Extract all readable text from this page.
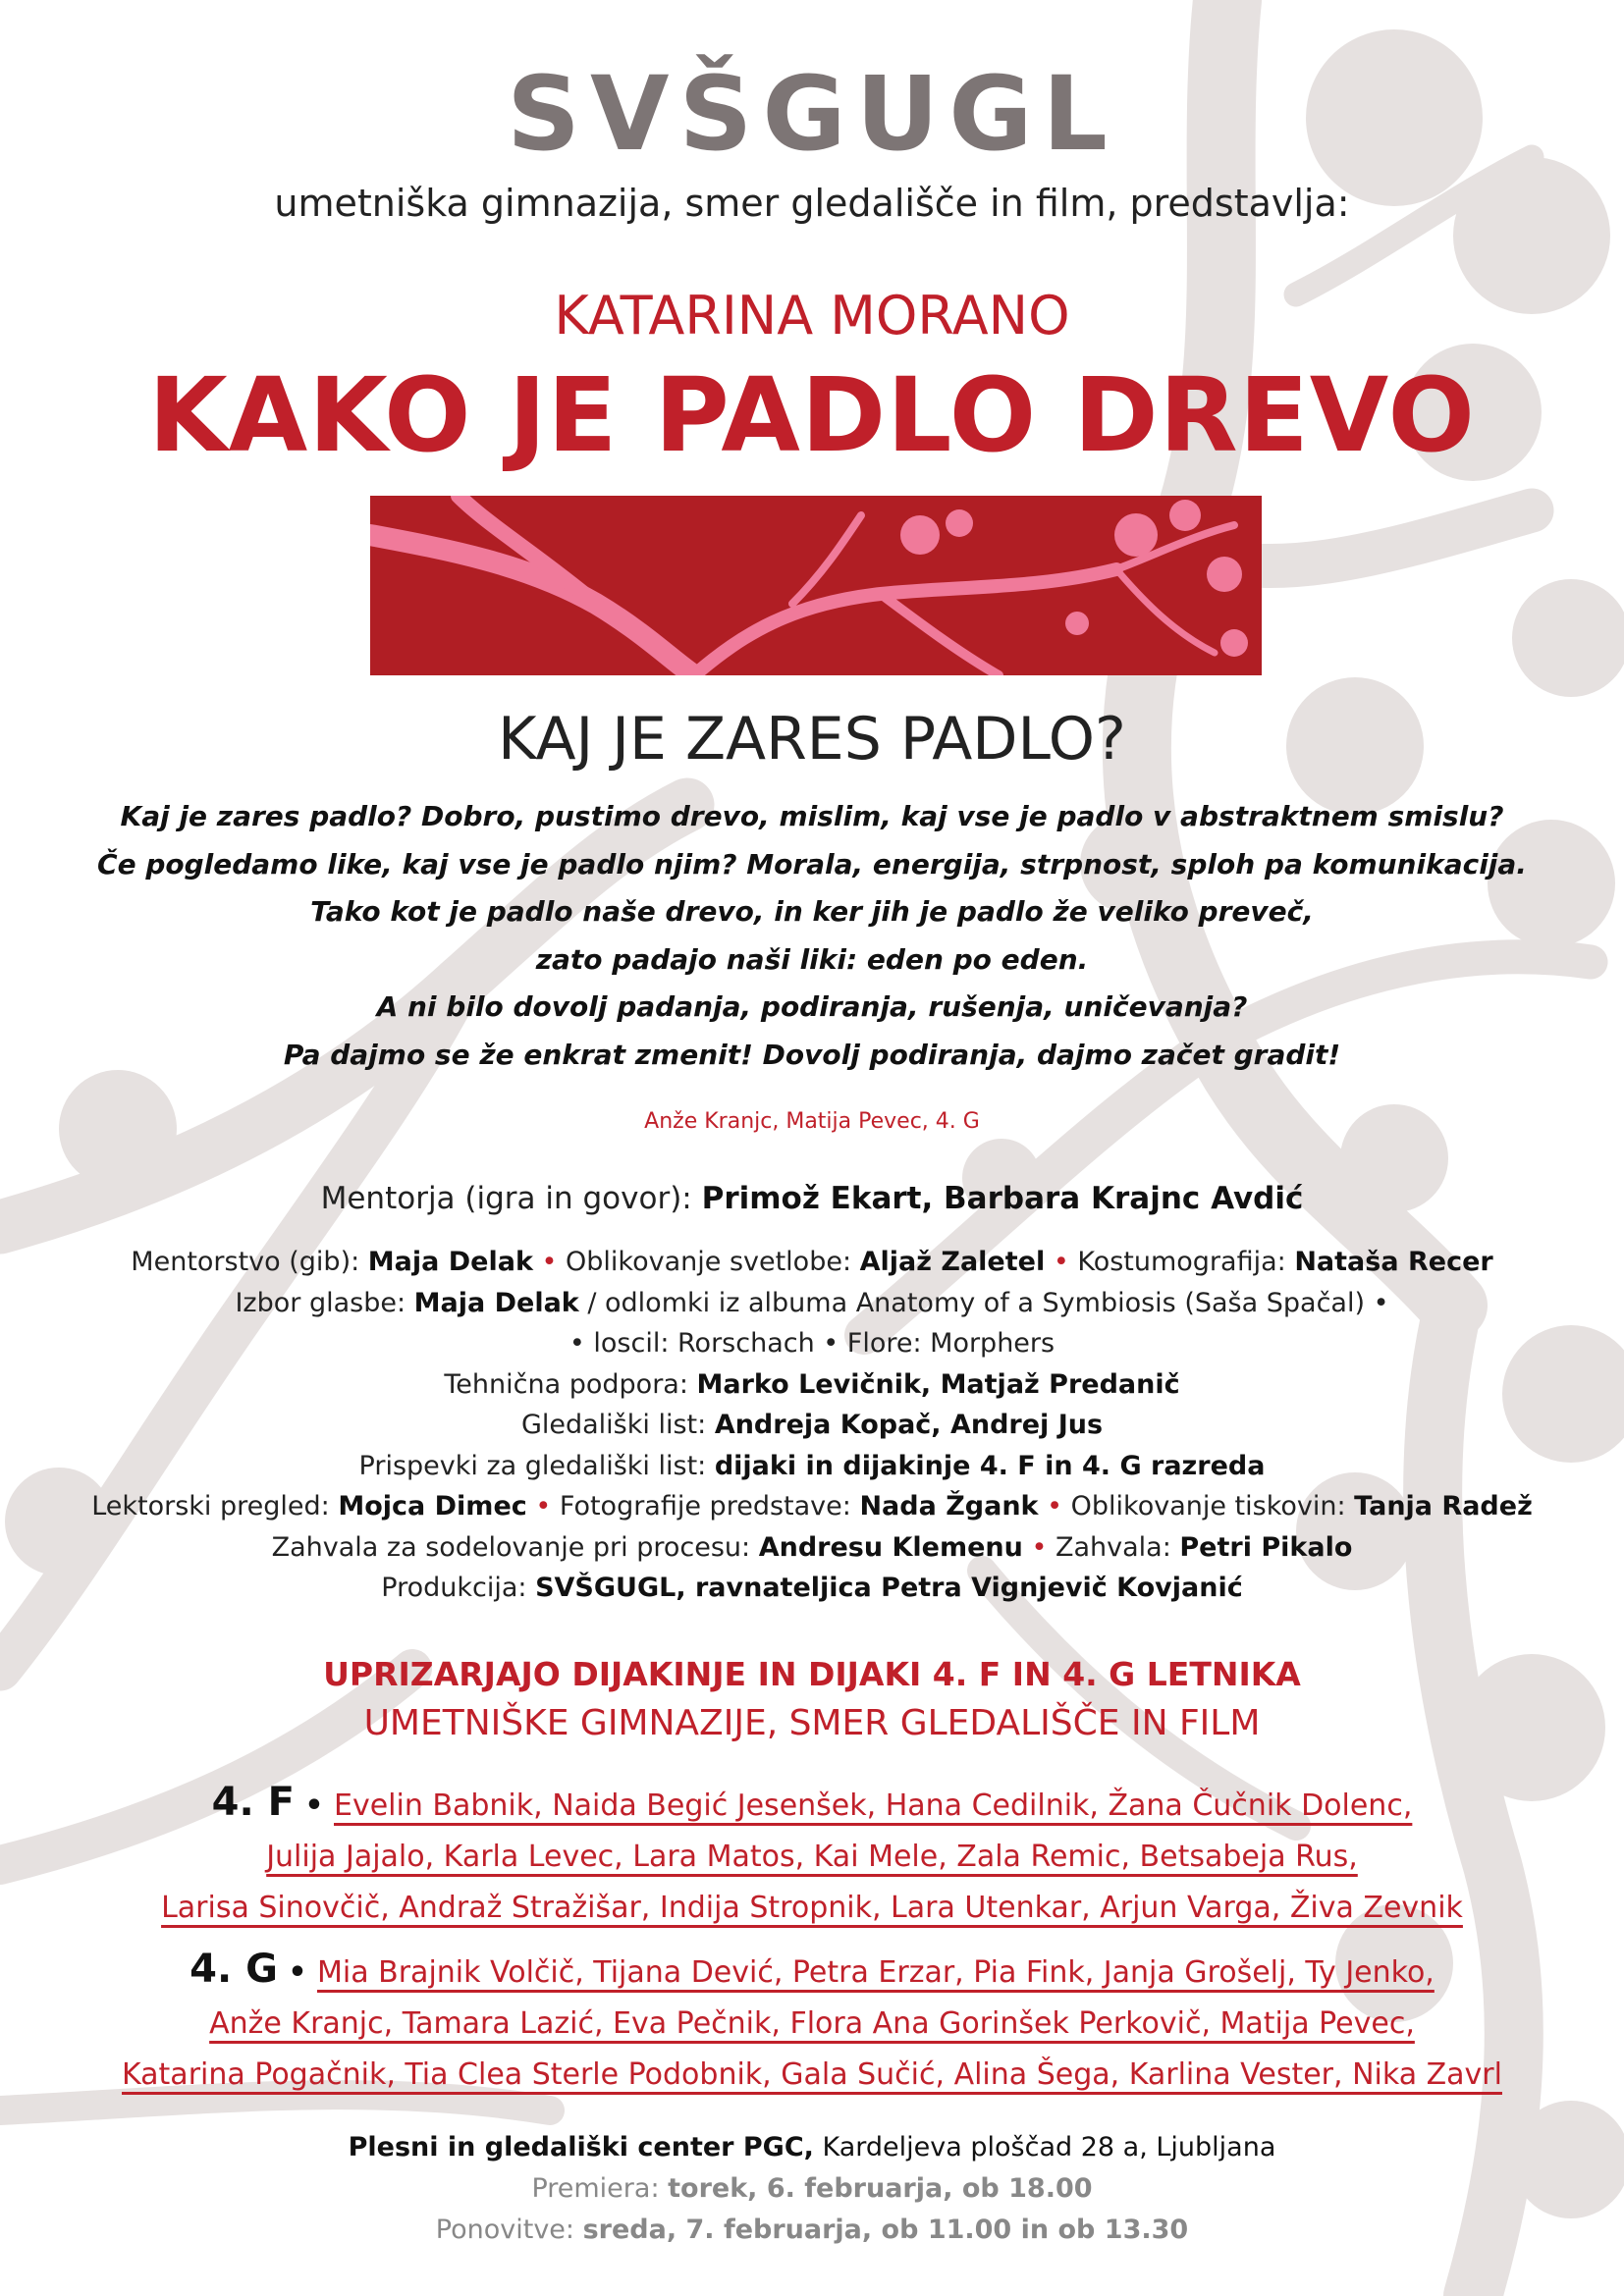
SVŠGUGL
umetniška gimnazija, smer gledališče in film, predstavlja:
KATARINA MORANO
KAKO JE PADLO DREVO
KAJ JE ZARES PADLO?
Kaj je zares padlo? Dobro, pustimo drevo, mislim, kaj vse je padlo v abstraktnem smislu?
Če pogledamo like, kaj vse je padlo njim? Morala, energija, strpnost, sploh pa komunikacija.
Tako kot je padlo naše drevo, in ker jih je padlo že veliko preveč,
zato padajo naši liki: eden po eden.
A ni bilo dovolj padanja, podiranja, rušenja, uničevanja?
Pa dajmo se že enkrat zmenit! Dovolj podiranja, dajmo začet gradit!
Anže Kranjc, Matija Pevec, 4. G
Mentorja (igra in govor): Primož Ekart, Barbara Krajnc Avdić
Mentorstvo (gib): Maja Delak • Oblikovanje svetlobe: Aljaž Zaletel • Kostumografija: Nataša Recer
Izbor glasbe: Maja Delak / odlomki iz albuma Anatomy of a Symbiosis (Saša Spačal) •
• loscil: Rorschach • Flore: Morphers
Tehnična podpora: Marko Levičnik, Matjaž Predanič
Gledališki list: Andreja Kopač, Andrej Jus
Prispevki za gledališki list: dijaki in dijakinje 4. F in 4. G razreda
Lektorski pregled: Mojca Dimec • Fotografije predstave: Nada Žgank • Oblikovanje tiskovin: Tanja Radež
Zahvala za sodelovanje pri procesu: Andresu Klemenu • Zahvala: Petri Pikalo
Produkcija: SVŠGUGL, ravnateljica Petra Vignjevič Kovjanić
UPRIZARJAJO DIJAKINJE IN DIJAKI 4. F IN 4. G LETNIKA
UMETNIŠKE GIMNAZIJE, SMER GLEDALIŠČE IN FILM
4. F • Evelin Babnik, Naida Begić Jesenšek, Hana Cedilnik, Žana Čučnik Dolenc,
Julija Jajalo, Karla Levec, Lara Matos, Kai Mele, Zala Remic, Betsabeja Rus,
Larisa Sinovčič, Andraž Stražišar, Indija Stropnik, Lara Utenkar, Arjun Varga, Živa Zevnik
4. G • Mia Brajnik Volčič, Tijana Dević, Petra Erzar, Pia Fink, Janja Grošelj, Ty Jenko,
Anže Kranjc, Tamara Lazić, Eva Pečnik, Flora Ana Gorinšek Perkovič, Matija Pevec,
Katarina Pogačnik, Tia Clea Sterle Podobnik, Gala Sučić, Alina Šega, Karlina Vester, Nika Zavrl
Plesni in gledališki center PGC, Kardeljeva ploščad 28 a, Ljubljana
Premiera: torek, 6. februarja, ob 18.00
Ponovitve: sreda, 7. februarja, ob 11.00 in ob 13.30
